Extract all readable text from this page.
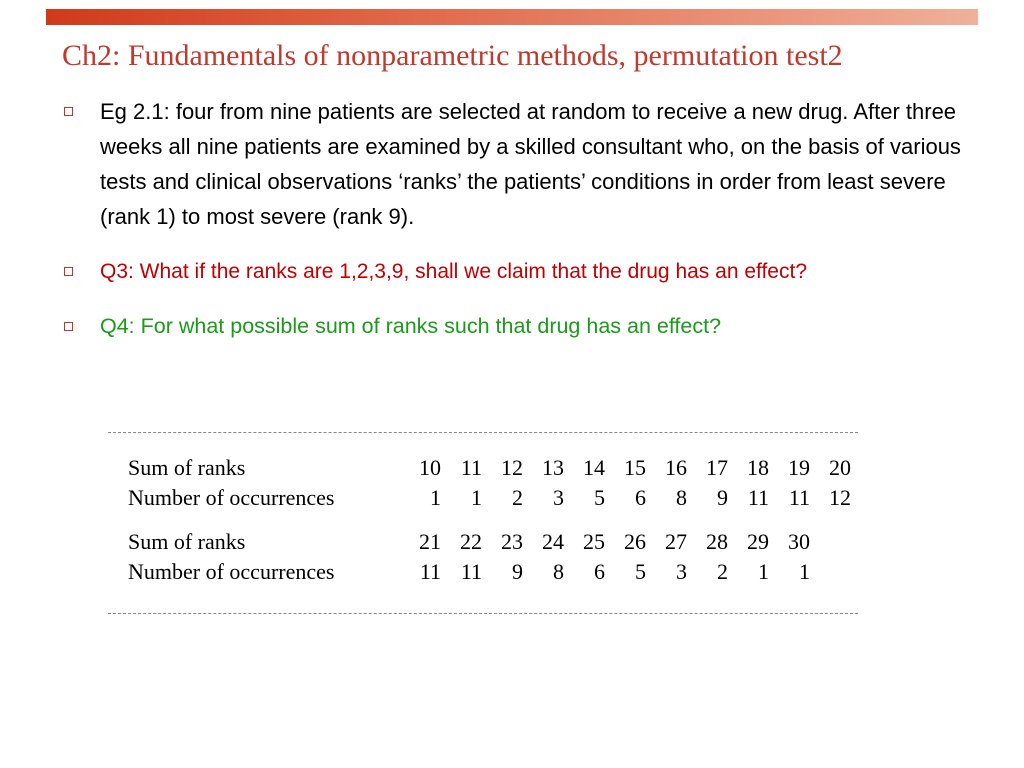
Ch2: Fundamentals of nonparametric methods, permutation test2
Eg 2.1: four from nine patients are selected at random to receive a new drug. After three weeks all nine patients are examined by a skilled consultant who, on the basis of various tests and clinical observations ‘ranks’ the patients’ conditions in order from least severe (rank 1) to most severe (rank 9).
Q3: What if the ranks are 1,2,3,9, shall we claim that the drug has an effect?
Q4: For what possible sum of ranks such that drug has an effect?
Sum of ranks	10 11 12 13 14 15 16 17 18 19 20
Number of occurrences	1	1	2	3	5	6	8	9 11 11 12
Sum of ranks	21 22 23 24 25 26 27 28 29 30
Number of occurrences	11 11	9	8	6	5	3	2	1	1
